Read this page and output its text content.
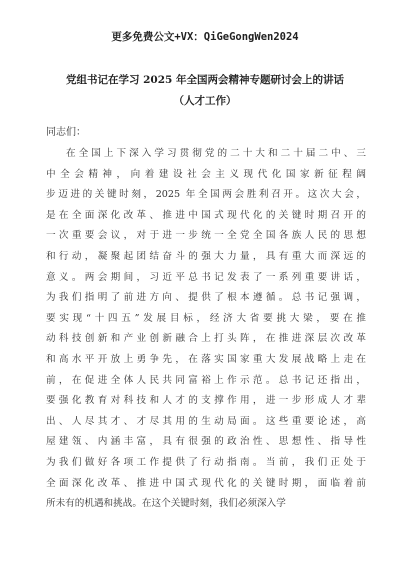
更多免费公文+VX：QiGeGongWen2024
党组书记在学习 2025 年全国两会精神专题研讨会上的讲话
（人才工作）
同志们：
在全国上下深入学习贯彻党的二十大和二十届二中、三
中全会精神，向着建设社会主义现代化国家新征程阔
步迈进的关键时刻，2025 年全国两会胜利召开。这次大会，
是在全面深化改革、推进中国式现代化的关键时期召开的
一次重要会议，对于进一步统一全党全国各族人民的思想
和行动，凝聚起团结奋斗的强大力量，具有重大而深远的
意义。两会期间，习近平总书记发表了一系列重要讲话，
为我们指明了前进方向、提供了根本遵循。总书记强调，
要实现“十四五”发展目标，经济大省要挑大梁，要在推
动科技创新和产业创新融合上打头阵，在推进深层次改革
和高水平开放上勇争先，在落实国家重大发展战略上走在
前，在促进全体人民共同富裕上作示范。总书记还指出，
要强化教育对科技和人才的支撑作用，进一步形成人才辈
出、人尽其才、才尽其用的生动局面。这些重要论述，高
屋建瓴、内涵丰富，具有很强的政治性、思想性、指导性
为我们做好各项工作提供了行动指南。当前，我们正处于
全面深化改革、推进中国式现代化的关键时期，面临着前
所未有的机遇和挑战。在这个关键时刻，我们必须深入学
